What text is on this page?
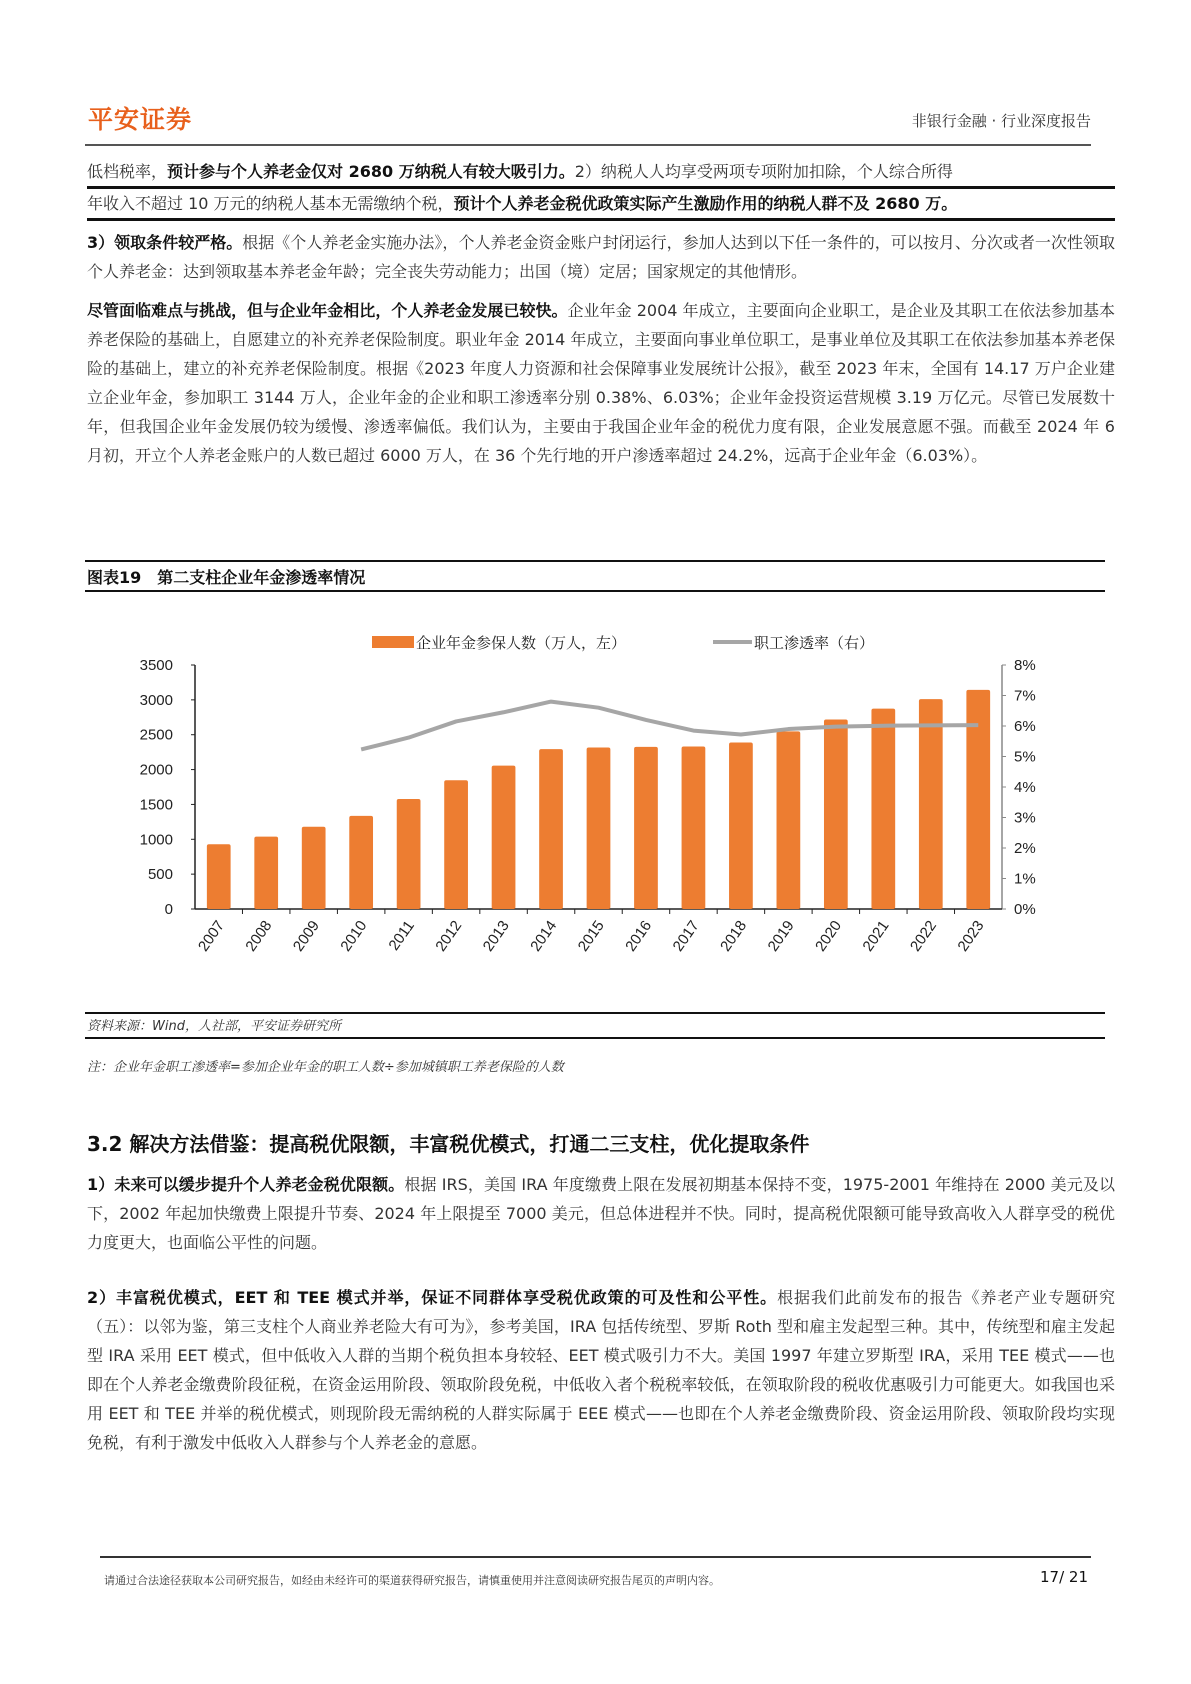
平安证券	非银行金融 · 行业深度报告
低档税率，预计参与个人养老金仅对 2680 万纳税人有较大吸引力。2）纳税人人均享受两项专项附加扣除，个人综合所得
年收入不超过 10 万元的纳税人基本无需缴纳个税，预计个人养老金税优政策实际产生激励作用的纳税人群不及 2680 万。
3）领取条件较严格。根据《个人养老金实施办法》，个人养老金资金账户封闭运行，参加人达到以下任一条件的，可以按月、分次或者一次性领取个人养老金：达到领取基本养老金年龄；完全丧失劳动能力；出国（境）定居；国家规定的其他情形。
尽管面临难点与挑战，但与企业年金相比，个人养老金发展已较快。企业年金 2004 年成立，主要面向企业职工，是企业及其职工在依法参加基本养老保险的基础上，自愿建立的补充养老保险制度。职业年金 2014 年成立，主要面向事业单位职工，是事业单位及其职工在依法参加基本养老保险的基础上，建立的补充养老保险制度。根据《2023 年度人力资源和社会保障事业发展统计公报》，截至 2023 年末，全国有 14.17 万户企业建立企业年金，参加职工 3144 万人，企业年金的企业和职工渗透率分别 0.38%、6.03%；企业年金投资运营规模 3.19 万亿元。尽管已发展数十年，但我国企业年金发展仍较为缓慢、渗透率偏低。我们认为，主要由于我国企业年金的税优力度有限，企业发展意愿不强。而截至 2024 年 6 月初，开立个人养老金账户的人数已超过 6000 万人，在 36 个先行地的开户渗透率超过 24.2%，远高于企业年金（6.03%）。
图表19　第二支柱企业年金渗透率情况
企业年金参保人数（万人，左）	职工渗透率（右）
0
500
1000
1500
2000
2500
3000
3500
0%
1%
2%
3%
4%
5%
6%
7%
8%
2007 2008 2009 2010 2011 2012 2013 2014 2015 2016 2017 2018 2019 2020 2021 2022 2023
资料来源：Wind，人社部，平安证券研究所
注：企业年金职工渗透率=参加企业年金的职工人数÷参加城镇职工养老保险的人数
3.2 解决方法借鉴：提高税优限额，丰富税优模式，打通二三支柱，优化提取条件
1）未来可以缓步提升个人养老金税优限额。根据 IRS，美国 IRA 年度缴费上限在发展初期基本保持不变，1975-2001 年维持在 2000 美元及以下，2002 年起加快缴费上限提升节奏、2024 年上限提至 7000 美元，但总体进程并不快。同时，提高税优限额可能导致高收入人群享受的税优力度更大，也面临公平性的问题。
2）丰富税优模式，EET 和 TEE 模式并举，保证不同群体享受税优政策的可及性和公平性。根据我们此前发布的报告《养老产业专题研究（五）：以邻为鉴，第三支柱个人商业养老险大有可为》，参考美国，IRA 包括传统型、罗斯 Roth 型和雇主发起型三种。其中，传统型和雇主发起型 IRA 采用 EET 模式，但中低收入人群的当期个税负担本身较轻、EET 模式吸引力不大。美国 1997 年建立罗斯型 IRA，采用 TEE 模式——也即在个人养老金缴费阶段征税，在资金运用阶段、领取阶段免税，中低收入者个税税率较低，在领取阶段的税收优惠吸引力可能更大。如我国也采用 EET 和 TEE 并举的税优模式，则现阶段无需纳税的人群实际属于 EEE 模式——也即在个人养老金缴费阶段、资金运用阶段、领取阶段均实现免税，有利于激发中低收入人群参与个人养老金的意愿。
请通过合法途径获取本公司研究报告，如经由未经许可的渠道获得研究报告，请慎重使用并注意阅读研究报告尾页的声明内容。	17/ 21
